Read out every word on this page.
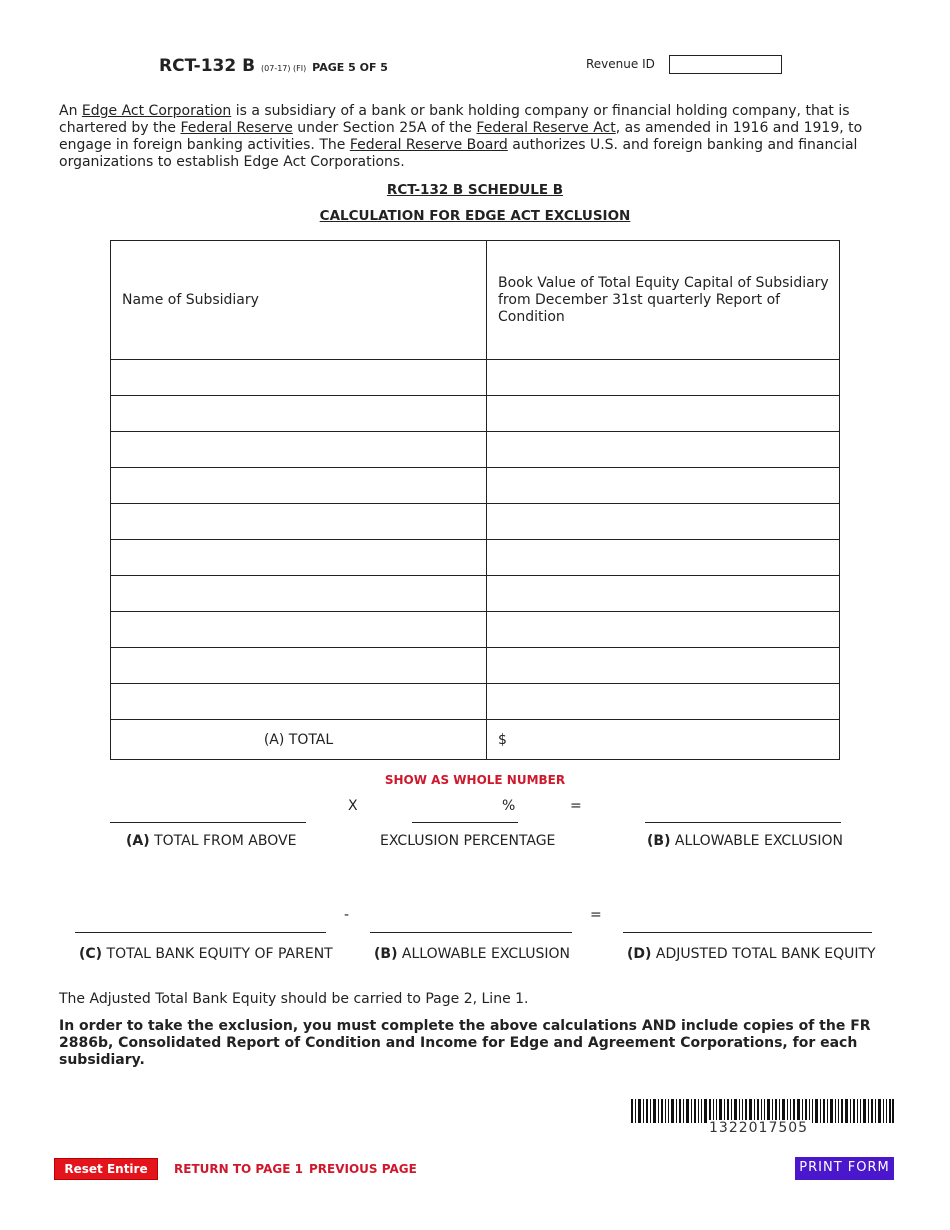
RCT-132 B (07-17) (FI) PAGE 5 OF 5	Revenue ID
An Edge Act Corporation is a subsidiary of a bank or bank holding company or financial holding company, that is chartered by the Federal Reserve under Section 25A of the Federal Reserve Act, as amended in 1916 and 1919, to engage in foreign banking activities. The Federal Reserve Board authorizes U.S. and foreign banking and financial organizations to establish Edge Act Corporations.
RCT-132 B SCHEDULE B
CALCULATION FOR EDGE ACT EXCLUSION
Name of Subsidiary	Book Value of Total Equity Capital of Subsidiary
from December 31st quarterly Report of Condition

(A) TOTAL	$
SHOW AS WHOLE NUMBER
X	%	=
(A) TOTAL FROM ABOVE	EXCLUSION PERCENTAGE	(B) ALLOWABLE EXCLUSION
-	=
(C) TOTAL BANK EQUITY OF PARENT	(B) ALLOWABLE EXCLUSION	(D) ADJUSTED TOTAL BANK EQUITY
The Adjusted Total Bank Equity should be carried to Page 2, Line 1.
In order to take the exclusion, you must complete the above calculations AND include copies of the FR 2886b, Consolidated Report of Condition and Income for Edge and Agreement Corporations, for each subsidiary.
1322017505
Reset Entire Form
RETURN TO PAGE 1 PREVIOUS PAGE	PRINT FORM
